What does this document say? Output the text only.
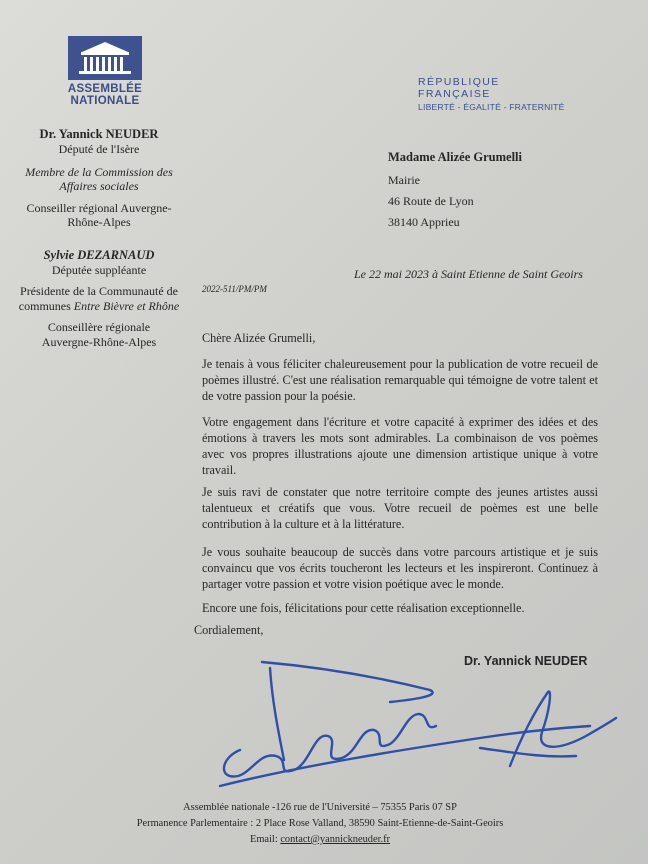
ASSEMBLÉE
NATIONALE
RÉPUBLIQUE FRANÇAISE
LIBERTÉ - ÉGALITÉ - FRATERNITÉ
Dr. Yannick NEUDER
Député de l'Isère
Membre de la Commission des Affaires sociales
Conseiller régional Auvergne-Rhône-Alpes
Sylvie DEZARNAUD
Députée suppléante
Présidente de la Communauté de communes Entre Bièvre et Rhône
Conseillère régionale Auvergne-Rhône-Alpes
Madame Alizée Grumelli
Mairie
46 Route de Lyon
38140 Apprieu
Le 22 mai 2023 à Saint Etienne de Saint Geoirs
2022-511/PM/PM
Chère Alizée Grumelli,

Je tenais à vous féliciter chaleureusement pour la publication de votre recueil de poèmes illustré. C'est une réalisation remarquable qui témoigne de votre talent et de votre passion pour la poésie.

Votre engagement dans l'écriture et votre capacité à exprimer des idées et des émotions à travers les mots sont admirables. La combinaison de vos poèmes avec vos propres illustrations ajoute une dimension artistique unique à votre travail.

Je suis ravi de constater que notre territoire compte des jeunes artistes aussi talentueux et créatifs que vous. Votre recueil de poèmes est une belle contribution à la culture et à la littérature.

Je vous souhaite beaucoup de succès dans votre parcours artistique et je suis convaincu que vos écrits toucheront les lecteurs et les inspireront. Continuez à partager votre passion et votre vision poétique avec le monde.

Encore une fois, félicitations pour cette réalisation exceptionnelle.

Cordialement,
Dr. Yannick NEUDER
Assemblée nationale -126 rue de l'Université – 75355 Paris 07 SP
Permanence Parlementaire : 2 Place Rose Valland, 38590 Saint-Etienne-de-Saint-Geoirs
Email: contact@yannickneuder.fr
